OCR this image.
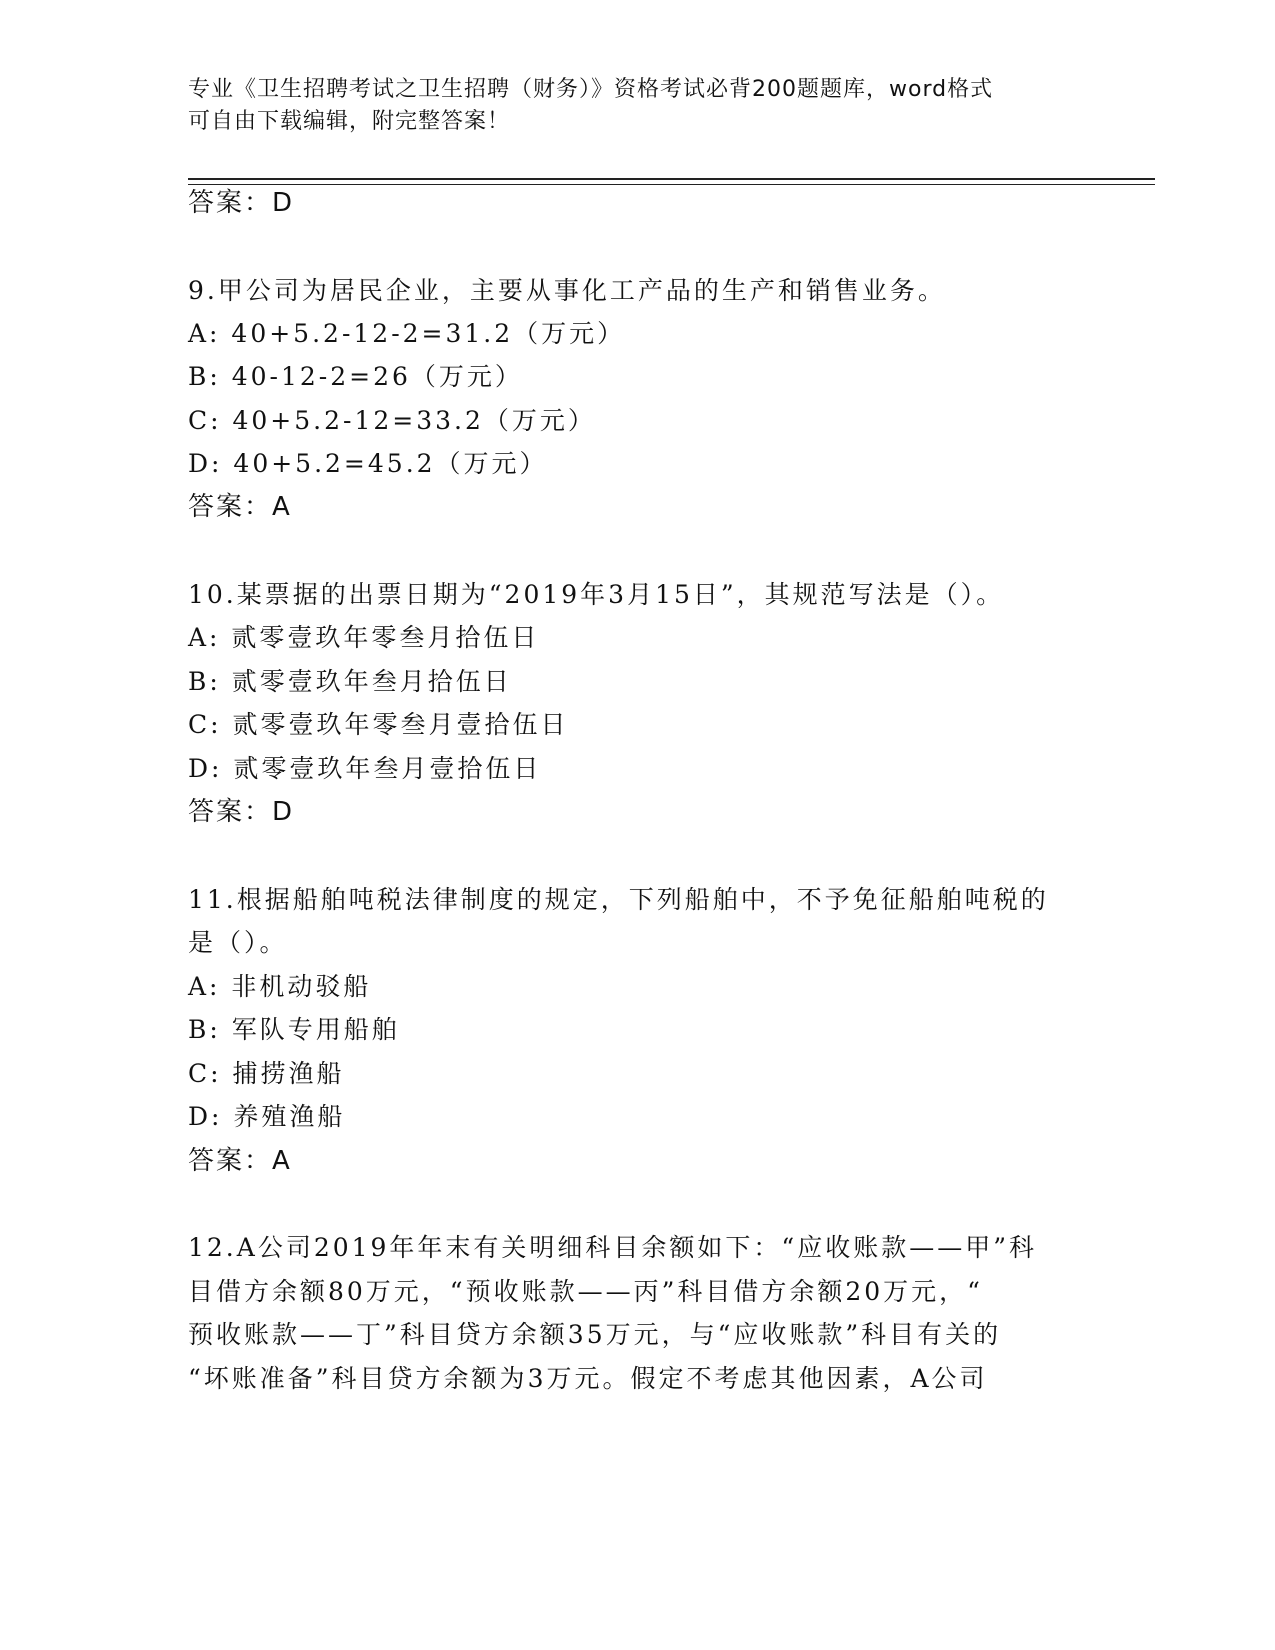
专业《卫生招聘考试之卫生招聘（财务）》资格考试必背200题题库，word格式
可自由下载编辑，附完整答案！
答案：D
9.甲公司为居民企业，主要从事化工产品的生产和销售业务。
A: 40+5.2-12-2=31.2（万元）
B: 40-12-2=26（万元）
C: 40+5.2-12=33.2（万元）
D: 40+5.2=45.2（万元）
答案：A
10.某票据的出票日期为“2019年3月15日”，其规范写法是（）。
A: 贰零壹玖年零叁月拾伍日
B: 贰零壹玖年叁月拾伍日
C: 贰零壹玖年零叁月壹拾伍日
D: 贰零壹玖年叁月壹拾伍日
答案：D
11.根据船舶吨税法律制度的规定，下列船舶中，不予免征船舶吨税的
是（）。
A: 非机动驳船
B: 军队专用船舶
C: 捕捞渔船
D: 养殖渔船
答案：A
12.A公司2019年年末有关明细科目余额如下：“应收账款——甲”科
目借方余额80万元，“预收账款——丙”科目借方余额20万元，“
预收账款——丁”科目贷方余额35万元，与“应收账款”科目有关的
“坏账准备”科目贷方余额为3万元。假定不考虑其他因素，A公司
